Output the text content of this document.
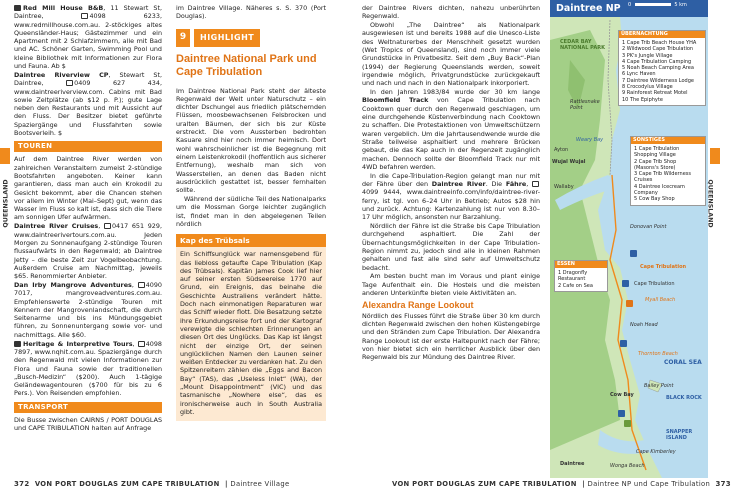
Red Mill House B&B, 11 Stewart St, Daintree, 4098 6233, www.redmillhouse.com.au. 2-stöckiges altes Queensländer-Haus; Gästezimmer und ein Apartment mit 2 Schlafzimmern, alle mit Bad und AC. Schöner Garten, Swimming Pool und kleine Bibliothek mit Informationen zur Flora und Fauna. Ab $

Daintree Riverview CP, Stewart St, Daintree, 0409 627 434, www.daintreeriverview.com. Cabins mit Bad sowie Zeltplätze (ab $12 p. P.); gute Lage neben den Restaurants und mit Aussicht auf den Fluss. Der Besitzer bietet geführte Spaziergänge und Flussfahrten sowie Bootsverleih. $

TOUREN

Auf dem Daintree River werden von zahlreichen Veranstaltern zumeist 2-stündige Bootsfahrten angeboten. Keiner kann garantieren, dass man auch ein Krokodil zu Gesicht bekommt, aber die Chancen stehen vor allem im Winter (Mai–Sept) gut, wenn das Wasser im Fluss so kalt ist, dass sich die Tiere am sonnigen Ufer aufwärmen.

Daintree River Cruises, 0417 651 929, www.daintreerivertours.com.au. Jeden Morgen zu Sonnenaufgang 2-stündige Touren flussaufwärts in den Regenwald; ab Daintree Jetty – die beste Zeit zur Vogelbeobachtung. Außerdem Cruise am Nachmittag, jeweils $65. Renommierter Anbieter.

Dan Irby Mangrove Adventures, 4090 7017, mangroveadventures.com.au. Empfehlenswerte 2-stündige Touren mit Kennern der Mangrovenlandschaft, die durch Seitenarme und bis ins Mündungsgebiet führen, zu Sonnenuntergang sowie vor- und nachmittags. Alle $60.

Heritage & Interpretive Tours, 4098 7897, www.nqhit.com.au. Spaziergänge durch den Regenwald mit vielen Informationen zur Flora und Fauna sowie der traditionellen „Busch-Medizin“ ($200). Auch 1-tägige Geländewagentouren ($700 für bis zu 6 Pers.). Von Reisenden empfohlen.

TRANSPORT

Die Busse zwischen CAIRNS / PORT DOUGLAS und CAPE TRIBULATION halten auf Anfrage

im Daintree Village. Näheres s. S. 370 (Port Douglas).

9	HIGHLIGHT
Daintree National Park und Cape Tribulation

Im Daintree National Park steht der älteste Regenwald der Welt unter Naturschutz – ein dichter Dschungel aus friedlich plätschernden Flüssen, moosbewachsenen Felsbrocken und uralten Bäumen, der sich bis zur Küste erstreckt. Die vom Aussterben bedrohten Kasuare sind hier noch immer heimisch. Dort wohl wahrscheinlicher ist die Begegnung mit einem Leistenkrokodil (hoffentlich aus sicherer Entfernung), weshalb man sich von Wasserstellen, an denen das Baden nicht ausdrücklich gestattet ist, besser fernhalten sollte.

Während der südliche Teil des Nationalparks um die Mossman Gorge leichter zugänglich ist, findet man in den abgelegenen Teilen nördlich

Kap des Trübsals

Ein Schiffsunglück war namensgebend für das liebloss getaufte Cape Tribulation (Kap des Trübsals). Kapitän James Cook lief hier auf seiner ersten Südseereise 1770 auf Grund, ein Ereignis, das beinahe die Geschichte Australiens verändert hätte. Doch nach einmonatigen Reparaturen war das Schiff wieder flott. Die Besatzung setzte ihre Erkundungsreise fort und der Kartograf verewigte die schlechten Erinnerungen an diesen Ort des Unglücks. Das Kap ist längst nicht der einzige Ort, der seinen unglücklichen Namen den Launen seiner weißen Entdecker zu verdanken hat. Zu den Spitzenreitern zählen die „Eggs and Bacon Bay“ (TAS), das „Useless Inlet“ (WA), der „Mount Disappointment“ (VIC) und das tasmanische „Nowhere else“, das es ironischerweise auch in South Australia gibt.

QUEENSLAND
372 VON PORT DOUGLAS ZUM CAPE TRIBULATION  | Daintree Village

der Daintree Rivers dichten, nahezu unberührten Regenwald.

Obwohl „The Daintree“ als Nationalpark ausgewiesen ist und bereits 1988 auf die Unesco-Liste des Weltnaturerbes der Menschheit gesetzt wurden (Wet Tropics of Queensland), sind noch immer viele Grundstücke in Privatbesitz. Seit dem „Buy Back“-Plan (1994) der Regierung Queenslands werden, soweit irgendwie möglich, Privatgrundstücke zurückgekauft und nach und nach in den Nationalpark inkorporiert.

In den Jahren 1983/84 wurde der 30 km lange Bloomfield Track von Cape Tribulation nach Cooktown quer durch den Regenwald geschlagen, um eine durchgehende Küstenverbindung nach Cooktown zu schaffen. Die Protestaktionen von Umweltschützern waren vergeblich. Um die Jahrtausendwende wurde die Straße teilweise asphaltiert und mehrere Brücken gebaut, die das Kap auch in der Regenzeit zugänglich machen. Dennoch sollte der Bloomfield Track nur mit 4WD befahren werden.

In die Cape-Tribulation-Region gelangt man nur mit der Fähre über den Daintree River. Die Fähre, 4099 9444, www.daintreeinfo.com/info/daintree-river-ferry, ist tgl. von 6–24 Uhr in Betrieb; Autos $28 hin und zurück. Achtung: Kartenzahlung ist nur von 8.30–17 Uhr möglich, ansonsten nur Barzahlung.

Nördlich der Fähre ist die Straße bis Cape Tribulation durchgehend asphaltiert. Die Zahl der Übernachtungsmöglichkeiten in der Cape Tribulation-Region nimmt zu, jedoch sind alle in kleinen Rahmen gehalten und fast alle sind sehr auf Umweltschutz bedacht.

Am besten bucht man im Voraus und plant einige Tage Aufenthalt ein. Die Hostels und die meisten anderen Unterkünfte bieten viele Aktivitäten an.

Alexandra Range Lookout

Nördlich des Flusses führt die Straße über 30 km durch dichten Regenwald zwischen den hohen Küstengebirge und den Stränden zum Cape Tribulation. Der Alexandra Range Lookout ist der erste Haltepunkt nach der Fähre; von hier bietet sich ein herrlicher Ausblick über den Regenwald bis zur Mündung des Daintree River.

Daintree NP	0	5 km
ÜBERNACHTUNG
1 Cape Trib Beach House YHA
2 Wildwood Cape Tribulation
3 PK's Jungle Village
4 Cape Tribulation Camping
5 Noah Beach Camping Area
6 Lync Haven
7 Daintree Wilderness Lodge
8 Crocodylus Village
9 Rainforest Retreat Motel
10 The Epiphyte
SONSTIGES
1 Cape Tribulation Shopping Village
2 Cape Trib Shop (Masons's Store)
3 Cape Trib Wilderness Cruises
4 Daintree Icecream Company
5 Cow Bay Shop
ESSEN
1 Dragonfly Restaurant
2 Cafe on Sea
CEDAR BAY NATIONAL PARK
Rattlesnake Point
Ayton
Weary Bay
Wujal Wujal
Wallaby
Donovan Point
Cape Tribulation
Cape Tribulation
Myall Beach
Noah Head
Thornton Beach
CORAL SEA
Cow Bay
Bailey Point
BLACK ROCK
SNAPPER ISLAND
Cape Kimberley
Wonga Beach
Daintree
QUEENSLAND
VON PORT DOUGLAS ZUM CAPE TRIBULATION  | Daintree NP und Cape Tribulation 373
